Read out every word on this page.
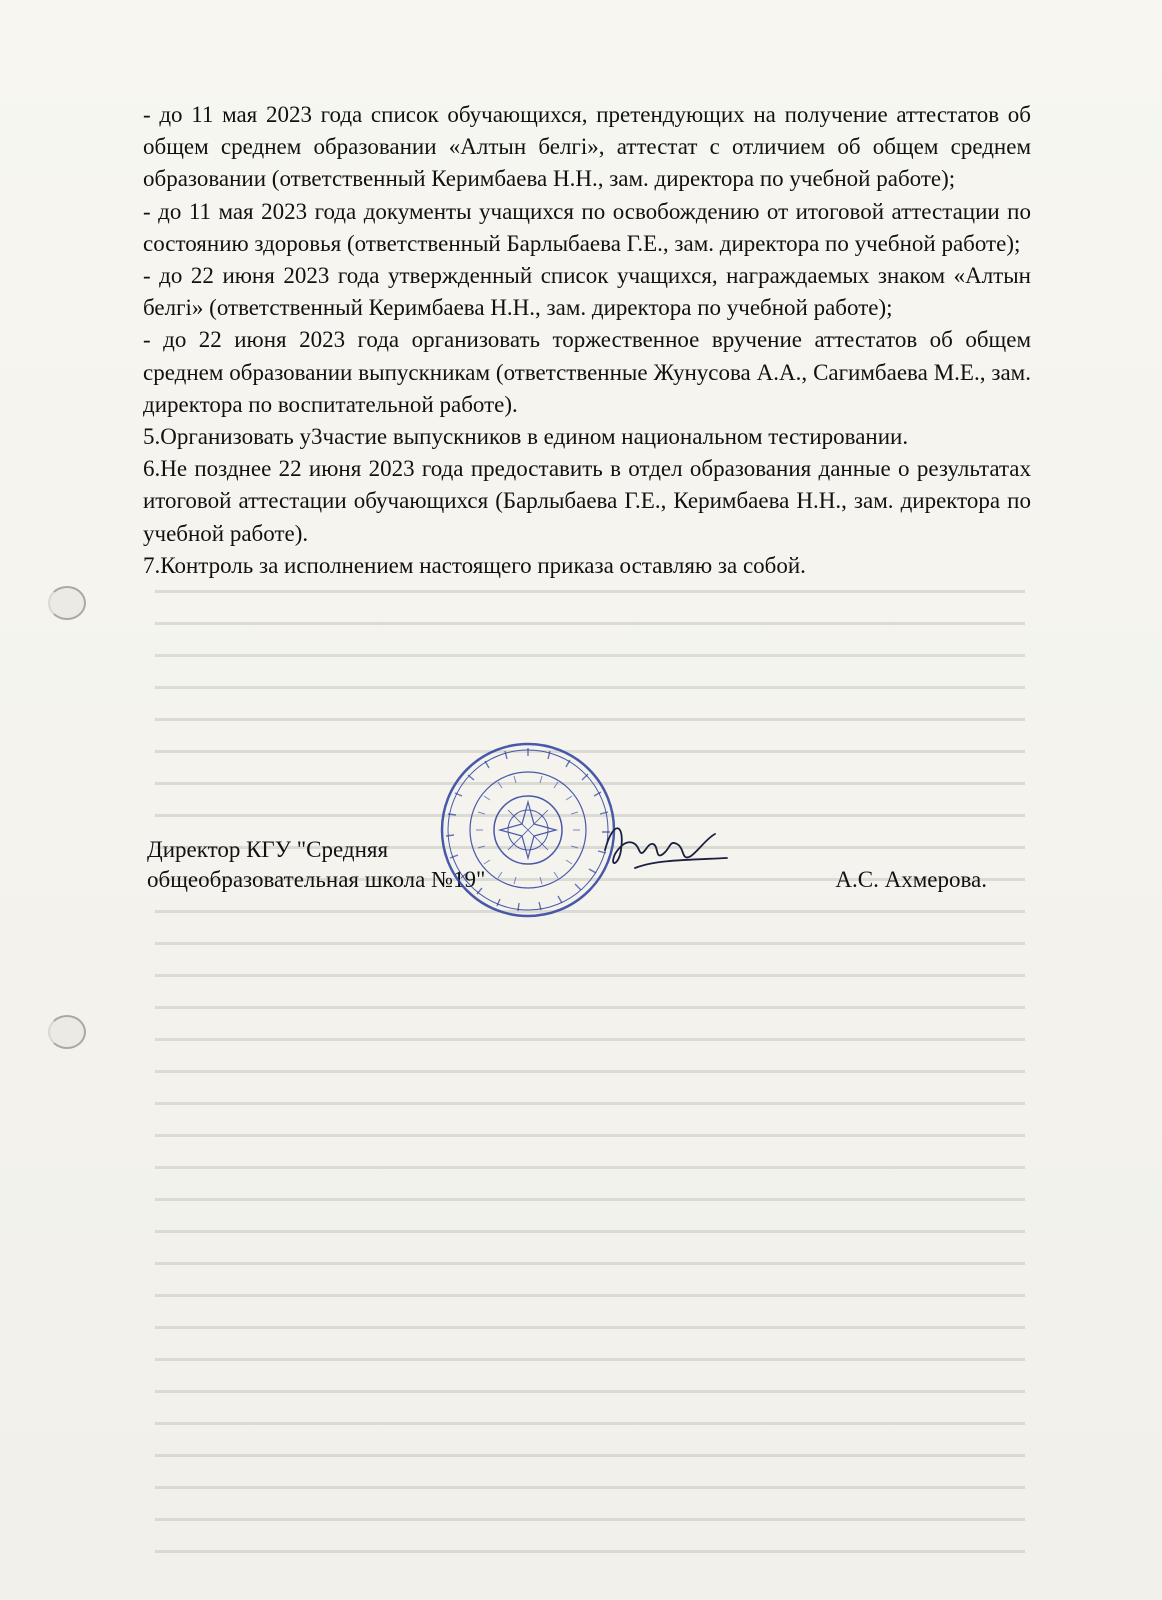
- до 11 мая 2023 года список обучающихся, претендующих на получение аттестатов об общем среднем образовании «Алтын белгі», аттестат с отличием об общем среднем образовании (ответственный Керимбаева Н.Н., зам. директора по учебной работе);

- до 11 мая 2023 года документы учащихся по освобождению от итоговой аттестации по состоянию здоровья (ответственный Барлыбаева Г.Е., зам. директора по учебной работе);

- до 22 июня 2023 года утвержденный список учащихся, награждаемых знаком «Алтын белгі» (ответственный Керимбаева Н.Н., зам. директора по учебной работе);

- до 22 июня 2023 года организовать торжественное вручение аттестатов об общем среднем образовании выпускникам (ответственные Жунусова А.А., Сагимбаева М.Е., зам. директора по воспитательной работе).

5.Организовать у3частие выпускников в едином национальном тестировании.

6.Не позднее 22 июня 2023 года предоставить в отдел образования данные о результатах итоговой аттестации обучающихся (Барлыбаева Г.Е., Керимбаева Н.Н., зам. директора по учебной работе).

7.Контроль за исполнением настоящего приказа оставляю за собой.

Директор КГУ "Средняя
общеобразовательная школа №19"	А.С. Ахмерова.
